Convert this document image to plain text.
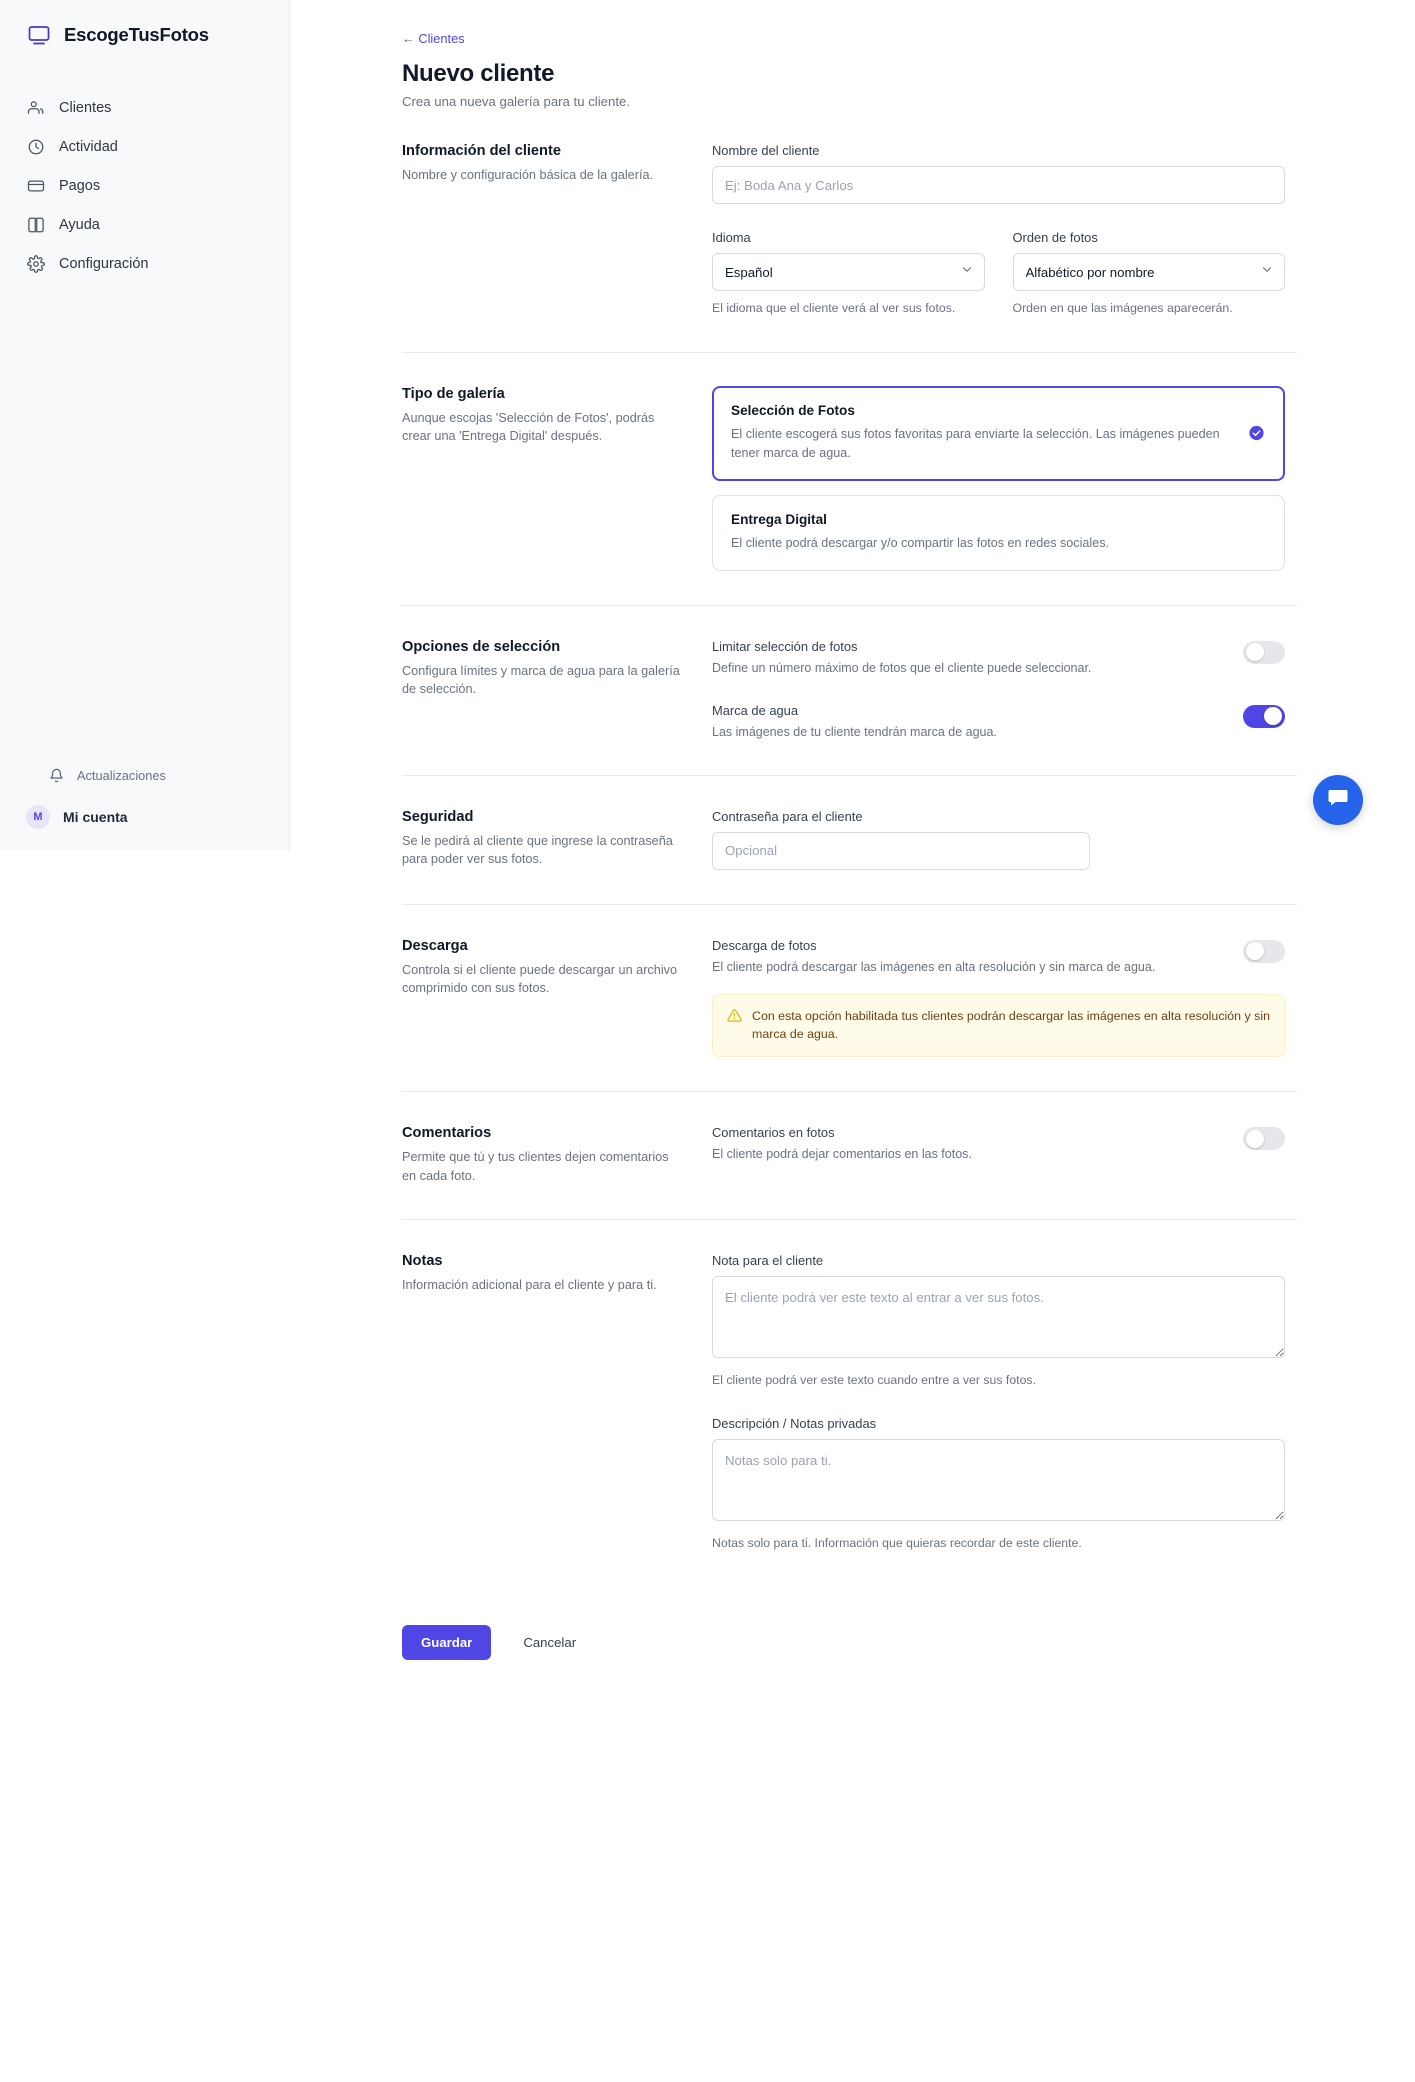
EscogeTusFotos
Clientes
Actividad
Pagos
Ayuda
Configuración
Actualizaciones
M	Mi cuenta
← Clientes
Nuevo cliente

Crea una nueva galería para tu cliente.

Información del cliente

Nombre y configuración básica de la galería.

Nombre del cliente
Ej: Boda Ana y Carlos
Idioma
Español

El idioma que el cliente verá al ver sus fotos.

Orden de fotos
Alfabético por nombre

Orden en que las imágenes aparecerán.

Tipo de galería

Aunque escojas 'Selección de Fotos', podrás crear una 'Entrega Digital' después.

Selección de Fotos

El cliente escogerá sus fotos favoritas para enviarte la selección. Las imágenes pueden tener marca de agua.

Entrega Digital

El cliente podrá descargar y/o compartir las fotos en redes sociales.

Opciones de selección

Configura límites y marca de agua para la galería de selección.

Limitar selección de fotos

Define un número máximo de fotos que el cliente puede seleccionar.

Marca de agua

Las imágenes de tu cliente tendrán marca de agua.

Seguridad

Se le pedirá al cliente que ingrese la contraseña para poder ver sus fotos.

Contraseña para el cliente
Opcional
Descarga

Controla si el cliente puede descargar un archivo comprimido con sus fotos.

Descarga de fotos

El cliente podrá descargar las imágenes en alta resolución y sin marca de agua.

Con esta opción habilitada tus clientes podrán descargar las imágenes en alta resolución y sin marca de agua.
Comentarios

Permite que tú y tus clientes dejen comentarios en cada foto.

Comentarios en fotos

El cliente podrá dejar comentarios en las fotos.

Notas

Información adicional para el cliente y para ti.

Nota para el cliente
El cliente podrá ver este texto al entrar a ver sus fotos.

El cliente podrá ver este texto cuando entre a ver sus fotos.

Descripción / Notas privadas
Notas solo para ti.

Notas solo para ti. Información que quieras recordar de este cliente.

Guardar	Cancelar
